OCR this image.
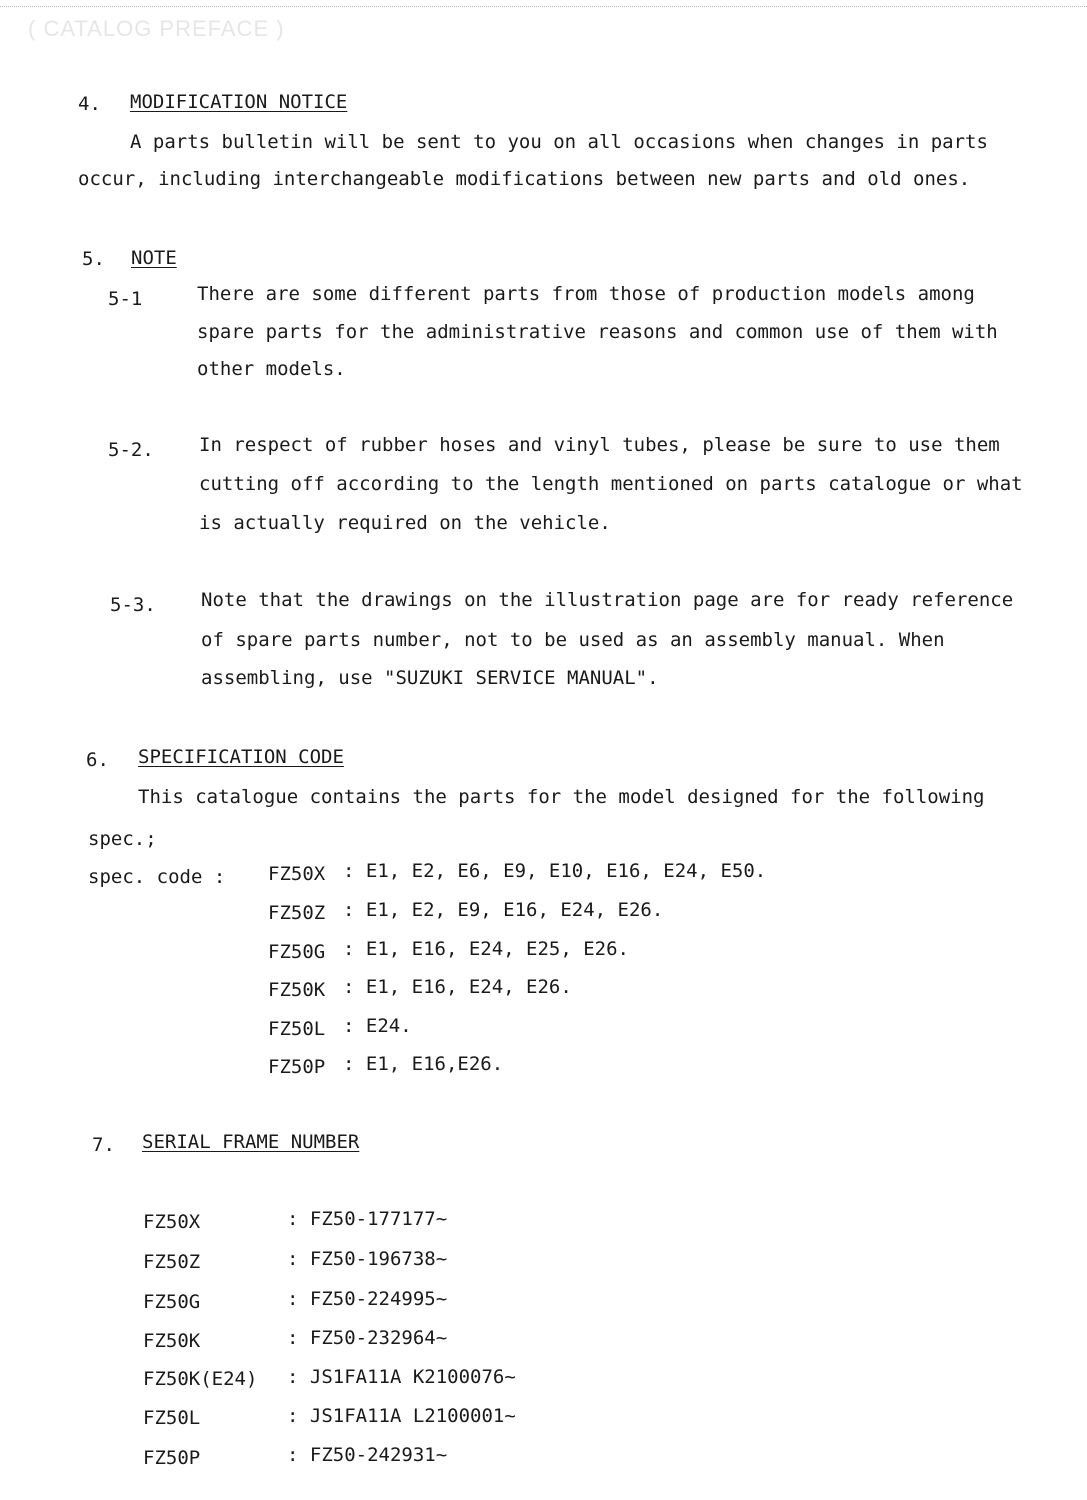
( CATALOG PREFACE )
4. MODIFICATION NOTICE
A parts bulletin will be sent to you on all occasions when changes in parts
occur, including interchangeable modifications between new parts and old ones.
5. NOTE
5-1	There are some different parts from those of production models among
spare parts for the administrative reasons and common use of them with
other models.
5-2. In respect of rubber hoses and vinyl tubes, please be sure to use them
cutting off according to the length mentioned on parts catalogue or what
is actually required on the vehicle.
5-3. Note that the drawings on the illustration page are for ready reference
of spare parts number, not to be used as an assembly manual. When
assembling, use "SUZUKI SERVICE MANUAL".
6. SPECIFICATION CODE
This catalogue contains the parts for the model designed for the following
spec.;
spec. code : FZ50X : E1, E2, E6, E9, E10, E16, E24, E50.
FZ50Z : E1, E2, E9, E16, E24, E26.
FZ50G : E1, E16, E24, E25, E26.
FZ50K : E1, E16, E24, E26.
FZ50L : E24.
FZ50P : E1, E16,E26.
7. SERIAL FRAME NUMBER
FZ50X	: FZ50-177177~
FZ50Z	: FZ50-196738~
FZ50G	: FZ50-224995~
FZ50K	: FZ50-232964~
FZ50K(E24) : JS1FA11A K2100076~
FZ50L	: JS1FA11A L2100001~
FZ50P	: FZ50-242931~
